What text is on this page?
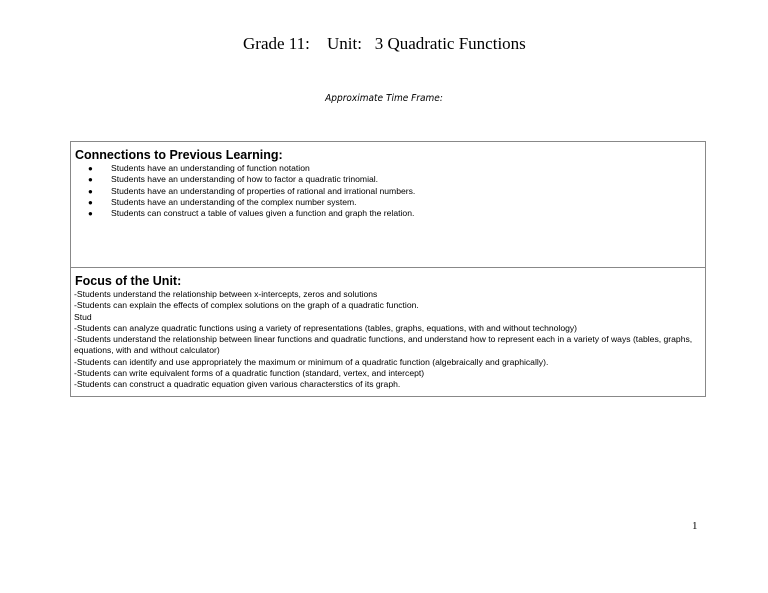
Grade 11: Unit:   3 Quadratic Functions
Approximate Time Frame:
Connections to Previous Learning:
● Students have an understanding of function notation
● Students have an understanding of how to factor a quadratic trinomial.
● Students have an understanding of properties of rational and irrational numbers.
● Students have an understanding of the complex number system.
● Students can construct a table of values given a function and graph the relation.
Focus of the Unit:
-Students understand the relationship between x-intercepts, zeros and solutions
-Students can explain the effects of complex solutions on the graph of a quadratic function.
Stud
-Students can analyze quadratic functions using a variety of representations (tables, graphs, equations, with and without technology)
-Students understand the relationship between linear functions and quadratic functions, and understand how to represent each in a variety of ways (tables, graphs, equations, with and without calculator)
-Students can identify and use appropriately the maximum or minimum of a quadratic function (algebraically and graphically).
-Students can write equivalent forms of a quadratic function (standard, vertex, and intercept)
-Students can construct a quadratic equation given various characterstics of its graph.
1
